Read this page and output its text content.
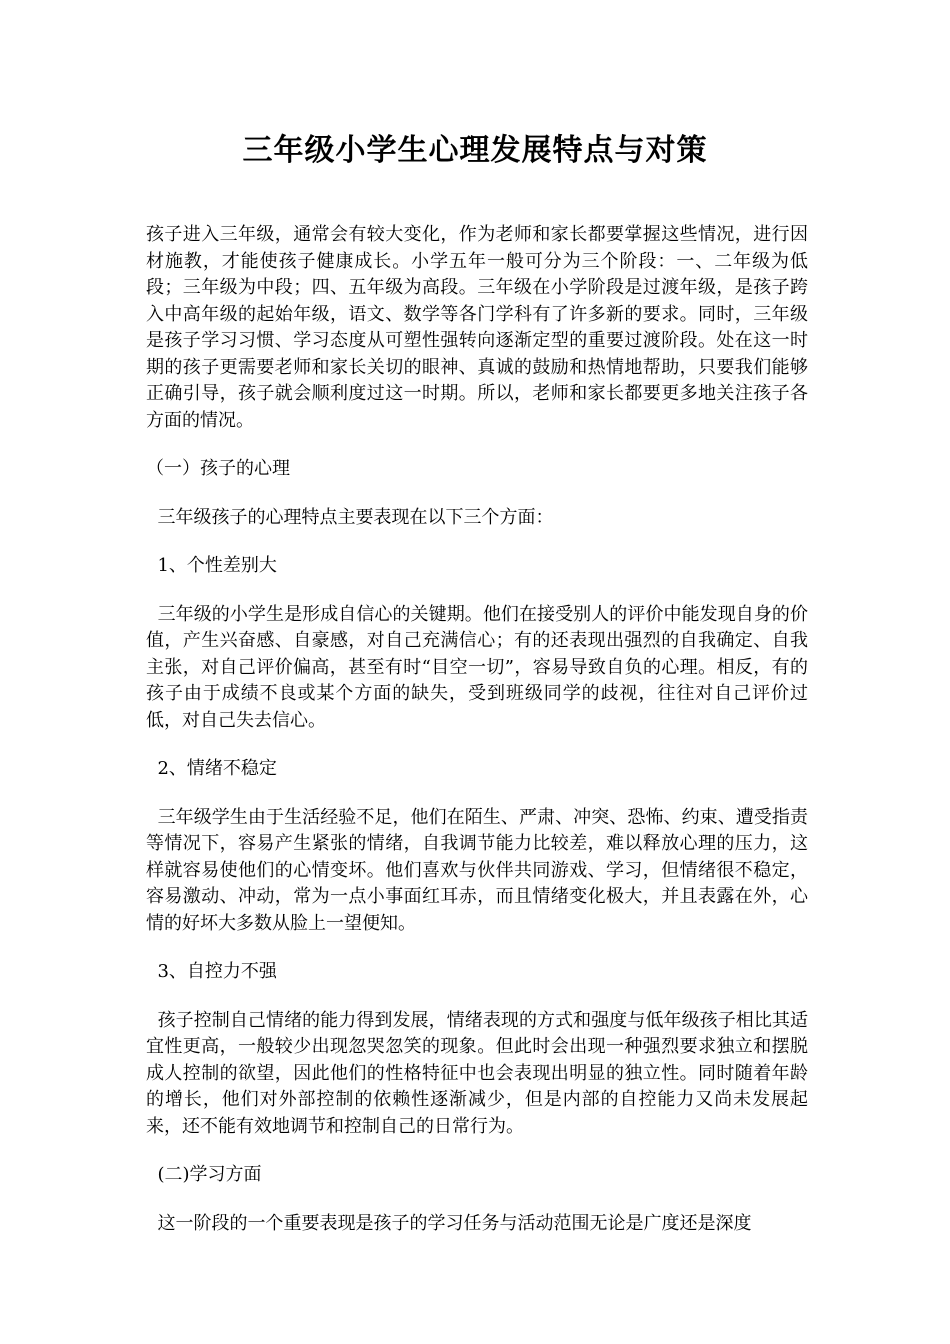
三年级小学生心理发展特点与对策

孩子进入三年级，通常会有较大变化，作为老师和家长都要掌握这些情况，进行因材施教，才能使孩子健康成长。小学五年一般可分为三个阶段：一、二年级为低段；三年级为中段；四、五年级为高段。三年级在小学阶段是过渡年级，是孩子跨入中高年级的起始年级，语文、数学等各门学科有了许多新的要求。同时，三年级是孩子学习习惯、学习态度从可塑性强转向逐渐定型的重要过渡阶段。处在这一时期的孩子更需要老师和家长关切的眼神、真诚的鼓励和热情地帮助，只要我们能够正确引导，孩子就会顺利度过这一时期。所以，老师和家长都要更多地关注孩子各方面的情况。

（一）孩子的心理

三年级孩子的心理特点主要表现在以下三个方面：

1、个性差别大

三年级的小学生是形成自信心的关键期。他们在接受别人的评价中能发现自身的价值，产生兴奋感、自豪感，对自己充满信心；有的还表现出强烈的自我确定、自我主张，对自己评价偏高，甚至有时“目空一切”，容易导致自负的心理。相反，有的孩子由于成绩不良或某个方面的缺失，受到班级同学的歧视，往往对自己评价过低，对自己失去信心。

2、情绪不稳定

三年级学生由于生活经验不足，他们在陌生、严肃、冲突、恐怖、约束、遭受指责等情况下，容易产生紧张的情绪，自我调节能力比较差，难以释放心理的压力，这样就容易使他们的心情变坏。他们喜欢与伙伴共同游戏、学习，但情绪很不稳定，容易激动、冲动，常为一点小事面红耳赤，而且情绪变化极大，并且表露在外，心情的好坏大多数从脸上一望便知。

3、自控力不强

孩子控制自己情绪的能力得到发展，情绪表现的方式和强度与低年级孩子相比其适宜性更高，一般较少出现忽哭忽笑的现象。但此时会出现一种强烈要求独立和摆脱成人控制的欲望，因此他们的性格特征中也会表现出明显的独立性。同时随着年龄的增长，他们对外部控制的依赖性逐渐减少，但是内部的自控能力又尚未发展起来，还不能有效地调节和控制自己的日常行为。

(二)学习方面

这一阶段的一个重要表现是孩子的学习任务与活动范围无论是广度还是深度
